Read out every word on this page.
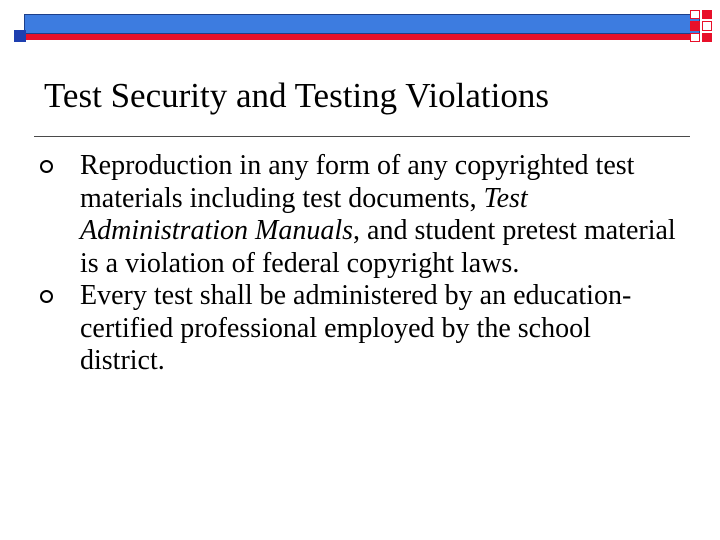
Test Security and Testing Violations
Reproduction in any form of any copyrighted test materials including test documents, Test Administration Manuals, and student pretest material is a violation of federal copyright laws.
Every test shall be administered by an education-certified professional employed by the school district.
